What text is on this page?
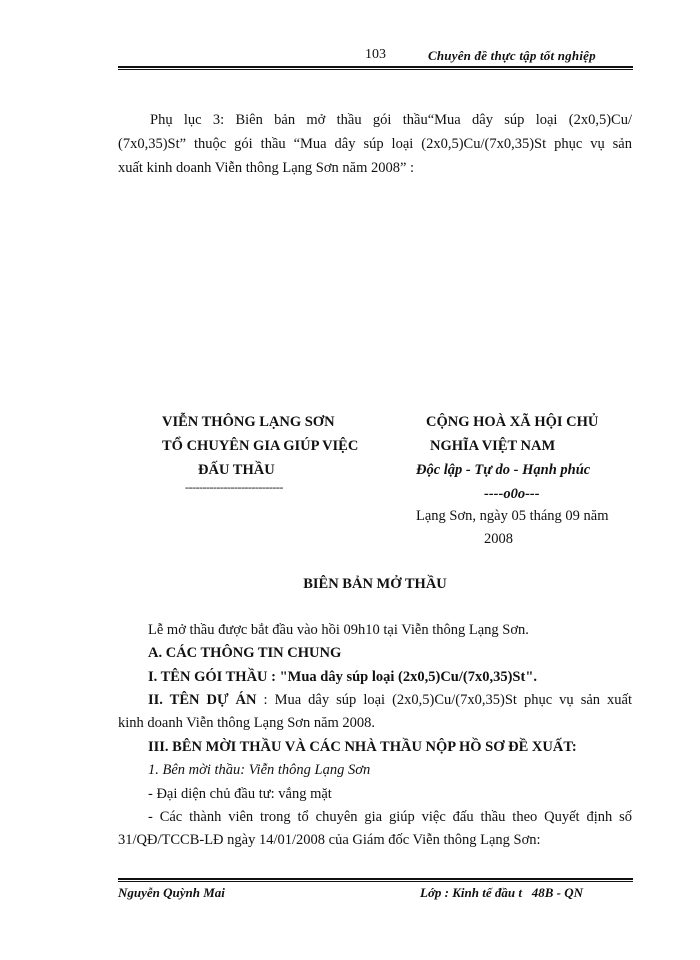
103	Chuyên đề thực tập tốt nghiệp
Phụ lục 3: Biên bản mở thầu gói thầu“Mua dây súp loại (2x0,5)Cu/
(7x0,35)St” thuộc gói thầu “Mua dây súp loại (2x0,5)Cu/(7x0,35)St phục vụ sản
xuất kinh doanh Viễn thông Lạng Sơn năm 2008” :
VIỄN THÔNG LẠNG SƠN
TỔ CHUYÊN GIA GIÚP VIỆC
ĐẤU THẦU
----------------------------
CỘNG HOÀ XÃ HỘI CHỦ
NGHĨA VIỆT NAM
Độc lập - Tự do - Hạnh phúc
----o0o---
Lạng Sơn, ngày 05 tháng 09 năm
2008
BIÊN BẢN MỞ THẦU
Lễ mở thầu được bắt đầu vào hồi 09h10 tại Viễn thông Lạng Sơn.
A. CÁC THÔNG TIN CHUNG
I. TÊN GÓI THẦU : "Mua dây súp loại (2x0,5)Cu/(7x0,35)St".
II. TÊN DỰ ÁN : Mua dây súp loại (2x0,5)Cu/(7x0,35)St phục vụ sản xuất
kinh doanh Viễn thông Lạng Sơn năm 2008.
III. BÊN MỜI THẦU VÀ CÁC NHÀ THẦU NỘP HỒ SƠ ĐỀ XUẤT:
1. Bên mời thầu: Viễn thông Lạng Sơn
- Đại diện chủ đầu tư: vắng mặt
- Các thành viên trong tổ chuyên gia giúp việc đấu thầu theo Quyết định số
31/QĐ/TCCB-LĐ ngày 14/01/2008 của Giám đốc Viễn thông Lạng Sơn:
Nguyễn Quỳnh Mai	Lớp : Kinh tế đầu t   48B - QN
